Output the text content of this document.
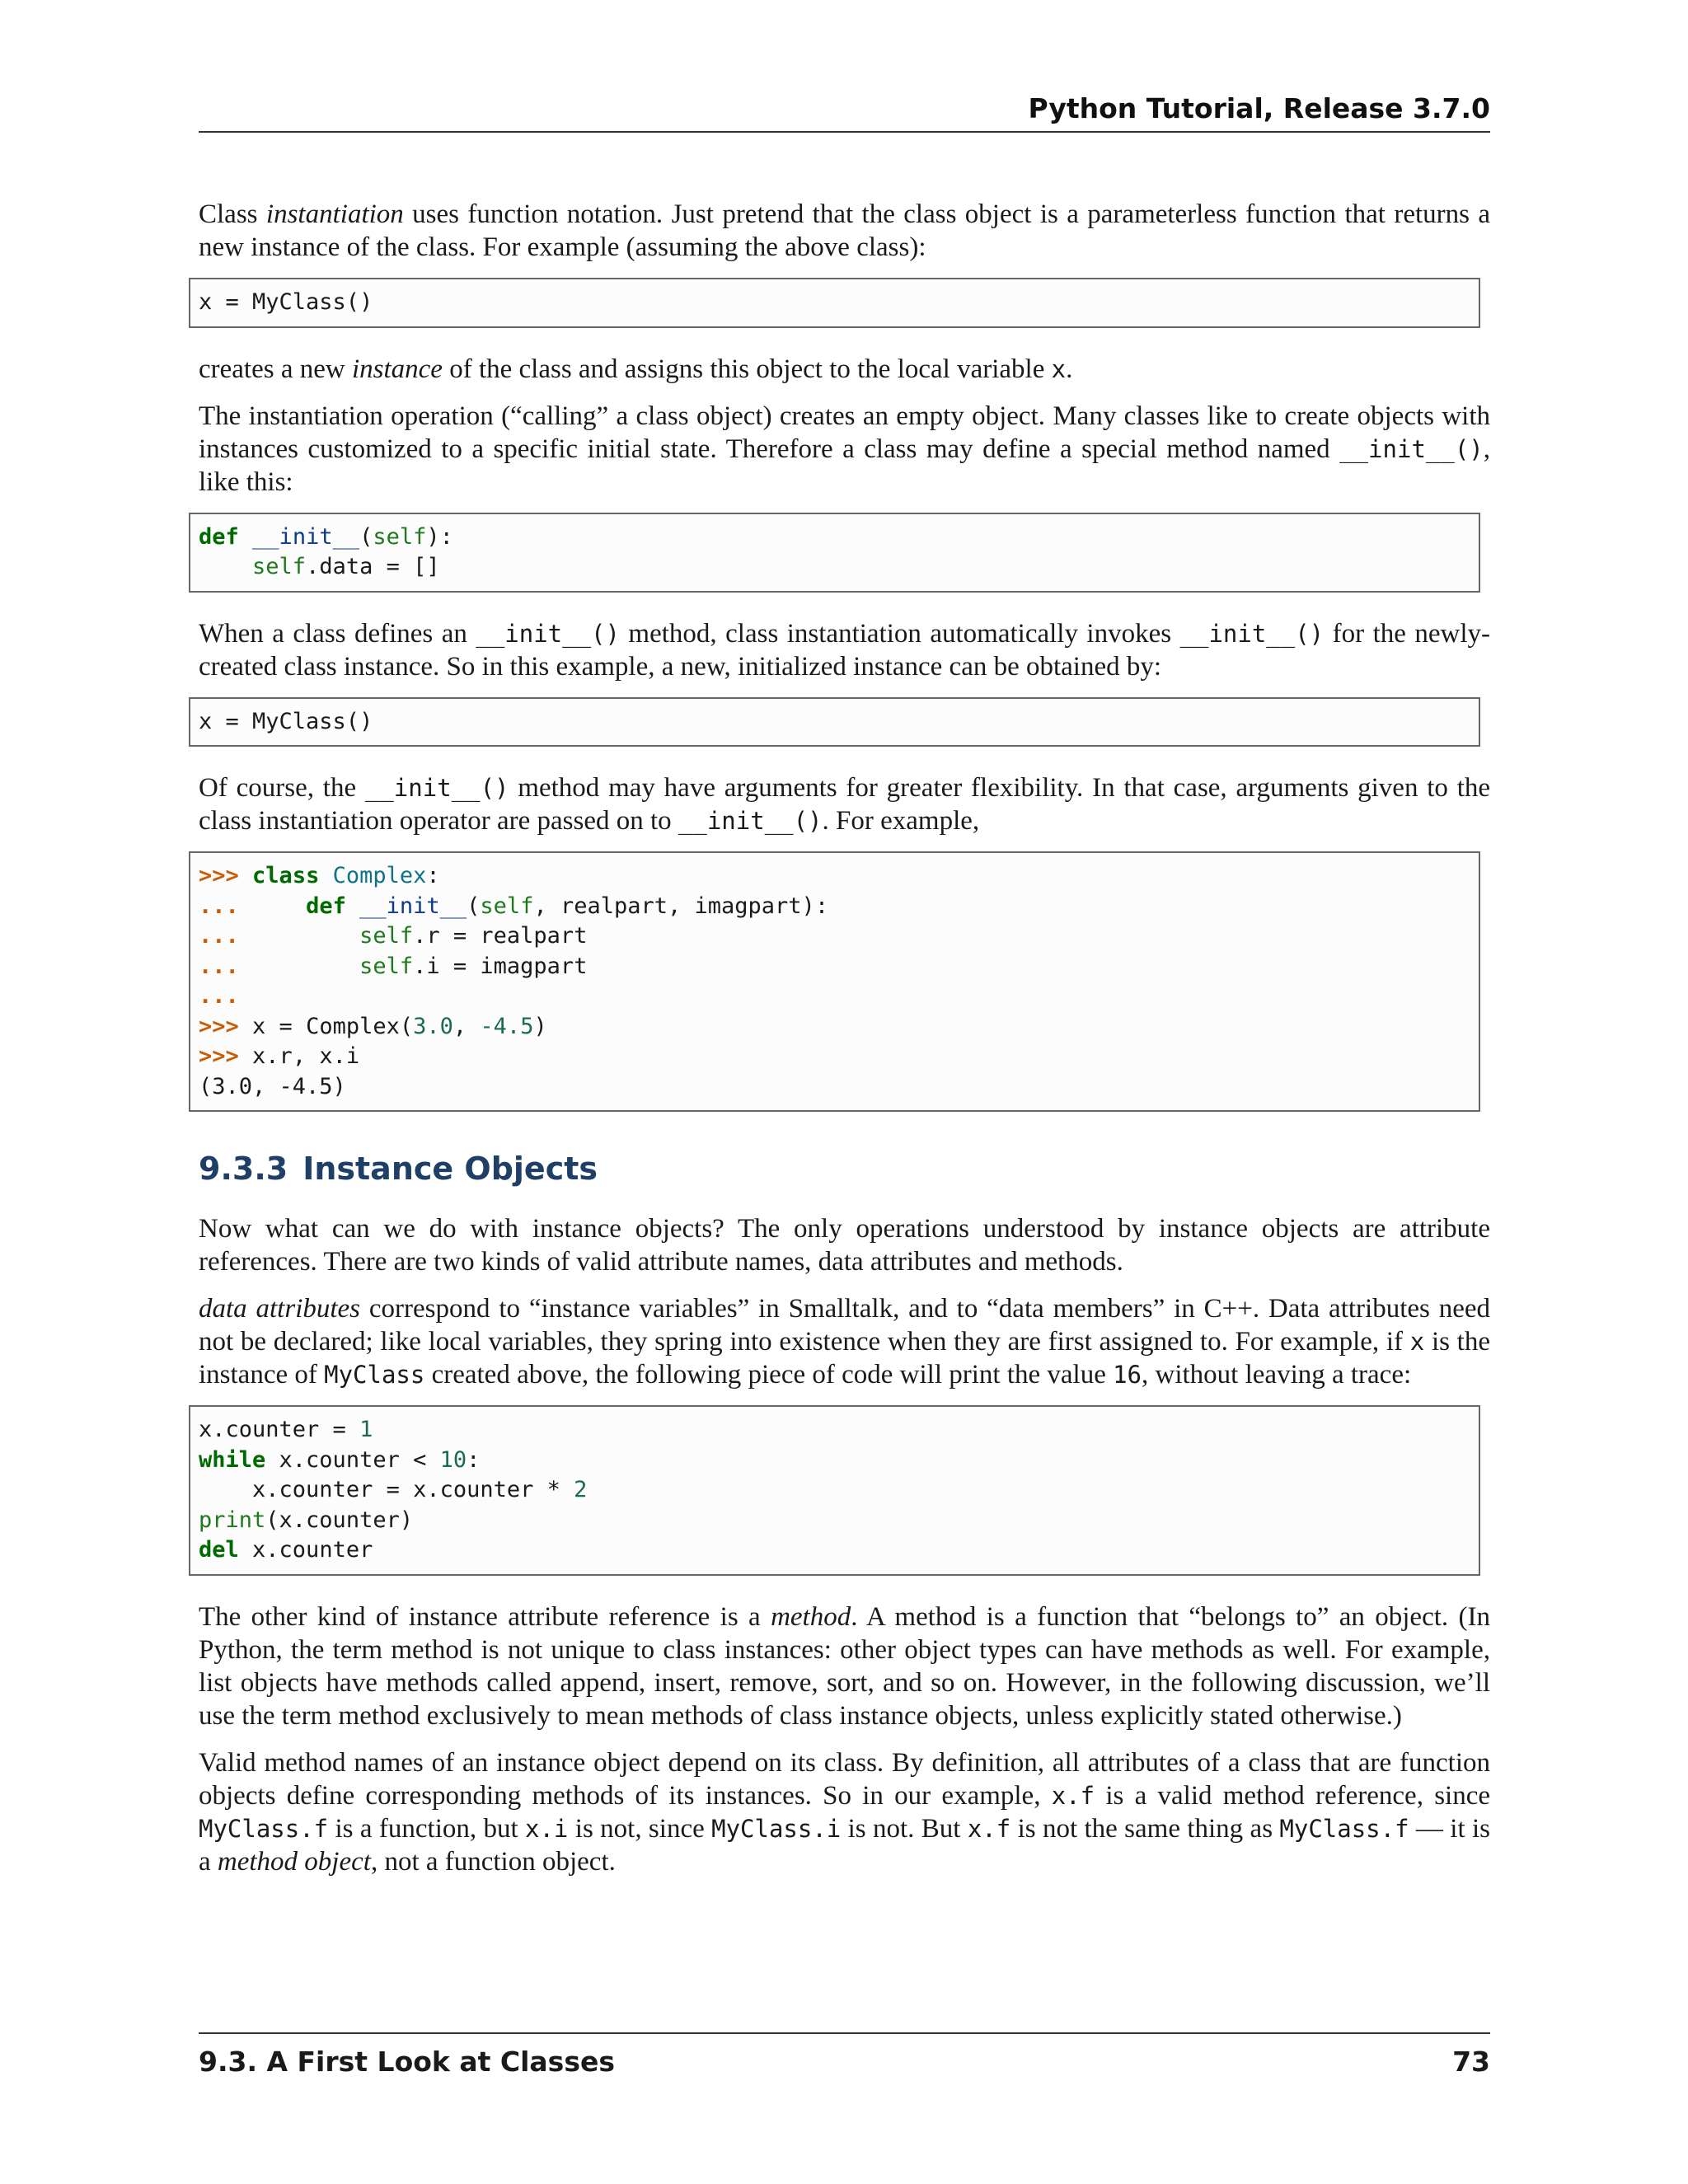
Python Tutorial, Release 3.7.0

Class instantiation uses function notation. Just pretend that the class object is a parameterless function that returns a new instance of the class. For example (assuming the above class):

x = MyClass()

creates a new instance of the class and assigns this object to the local variable x.

The instantiation operation (“calling” a class object) creates an empty object. Many classes like to create objects with instances customized to a specific initial state. Therefore a class may define a special method named __init__(), like this:

def __init__(self):
self.data = []

When a class defines an __init__() method, class instantiation automatically invokes __init__() for the newly-created class instance. So in this example, a new, initialized instance can be obtained by:

x = MyClass()

Of course, the __init__() method may have arguments for greater flexibility. In that case, arguments given to the class instantiation operator are passed on to __init__(). For example,

>>> class Complex:
...	def __init__(self, realpart, imagpart):
...	self.r = realpart
...	self.i = imagpart
...
>>> x = Complex(3.0, -4.5)
>>> x.r, x.i
(3.0, -4.5)
9.3.3 Instance Objects

Now what can we do with instance objects? The only operations understood by instance objects are attribute references. There are two kinds of valid attribute names, data attributes and methods.

data attributes correspond to “instance variables” in Smalltalk, and to “data members” in C++. Data attributes need not be declared; like local variables, they spring into existence when they are first assigned to. For example, if x is the instance of MyClass created above, the following piece of code will print the value 16, without leaving a trace:

x.counter = 1
while x.counter < 10:
x.counter = x.counter * 2
print(x.counter)
del x.counter

The other kind of instance attribute reference is a method. A method is a function that “belongs to” an object. (In Python, the term method is not unique to class instances: other object types can have methods as well. For example, list objects have methods called append, insert, remove, sort, and so on. However, in the following discussion, we’ll use the term method exclusively to mean methods of class instance objects, unless explicitly stated otherwise.)

Valid method names of an instance object depend on its class. By definition, all attributes of a class that are function objects define corresponding methods of its instances. So in our example, x.f is a valid method reference, since MyClass.f is a function, but x.i is not, since MyClass.i is not. But x.f is not the same thing as MyClass.f — it is a method object, not a function object.

9.3. A First Look at Classes	73
